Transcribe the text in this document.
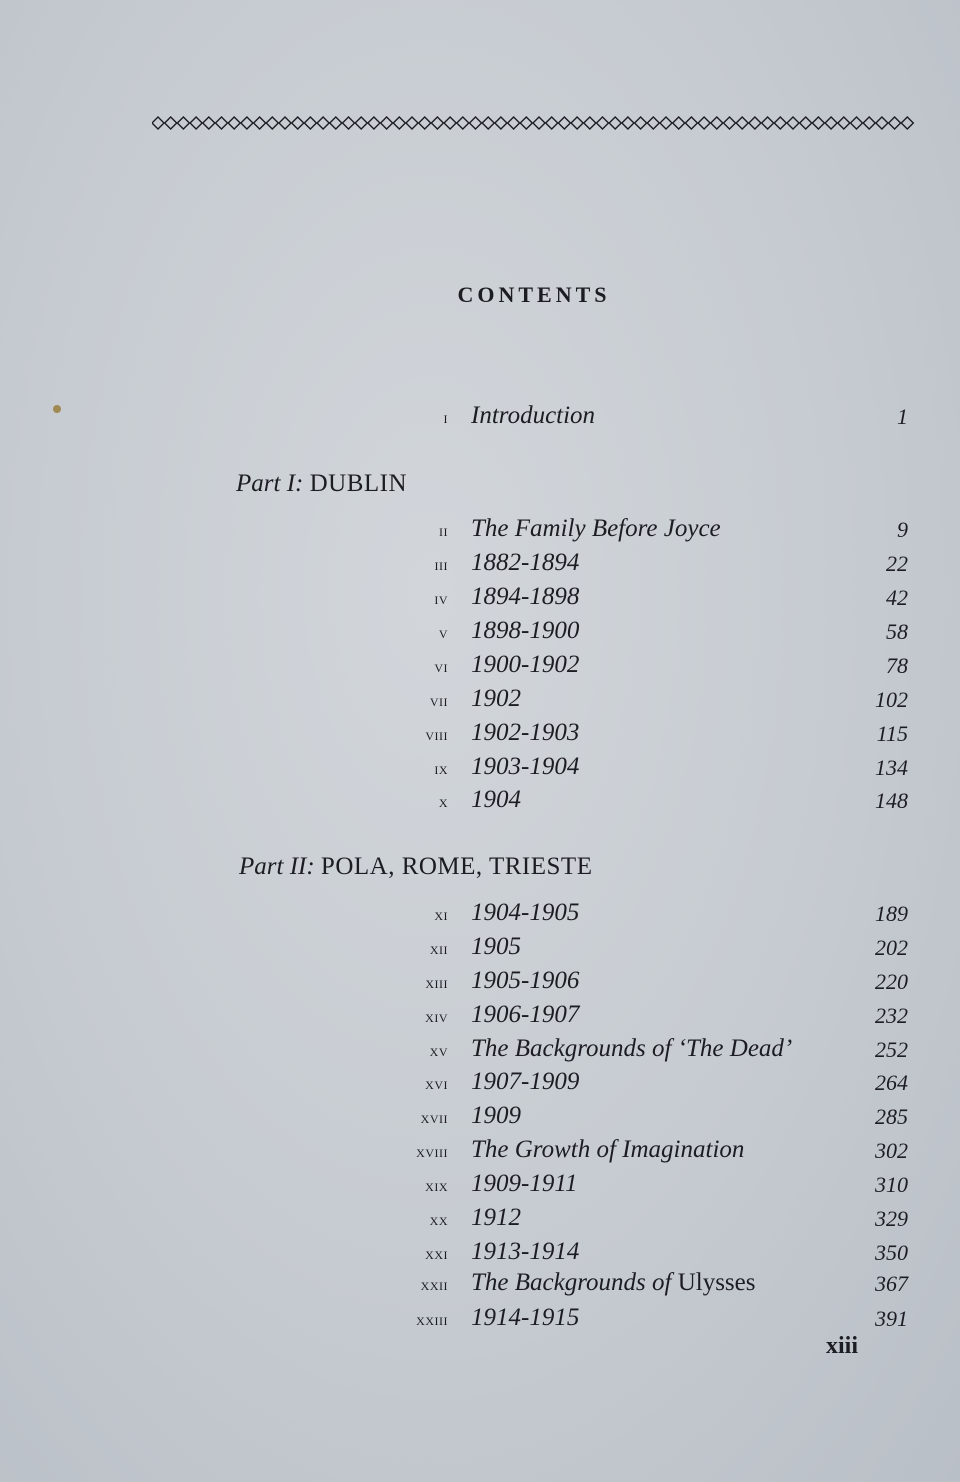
CONTENTS
i Introduction	1
Part I: DUBLIN
ii The Family Before Joyce	9
iii 1882-1894	22
iv 1894-1898	42
v 1898-1900	58
vi 1900-1902	78
vii 1902	102
viii 1902-1903	115
ix 1903-1904	134
x 1904	148
Part II: POLA, ROME, TRIESTE
xi 1904-1905	189
xii 1905	202
xiii 1905-1906	220
xiv 1906-1907	232
xv The Backgrounds of ‘The Dead’	252
xvi 1907-1909	264
xvii 1909	285
xviii The Growth of Imagination	302
xix 1909-1911	310
xx 1912	329
xxi 1913-1914	350
xxii The Backgrounds of Ulysses	367
xxiii 1914-1915	391
xiii
